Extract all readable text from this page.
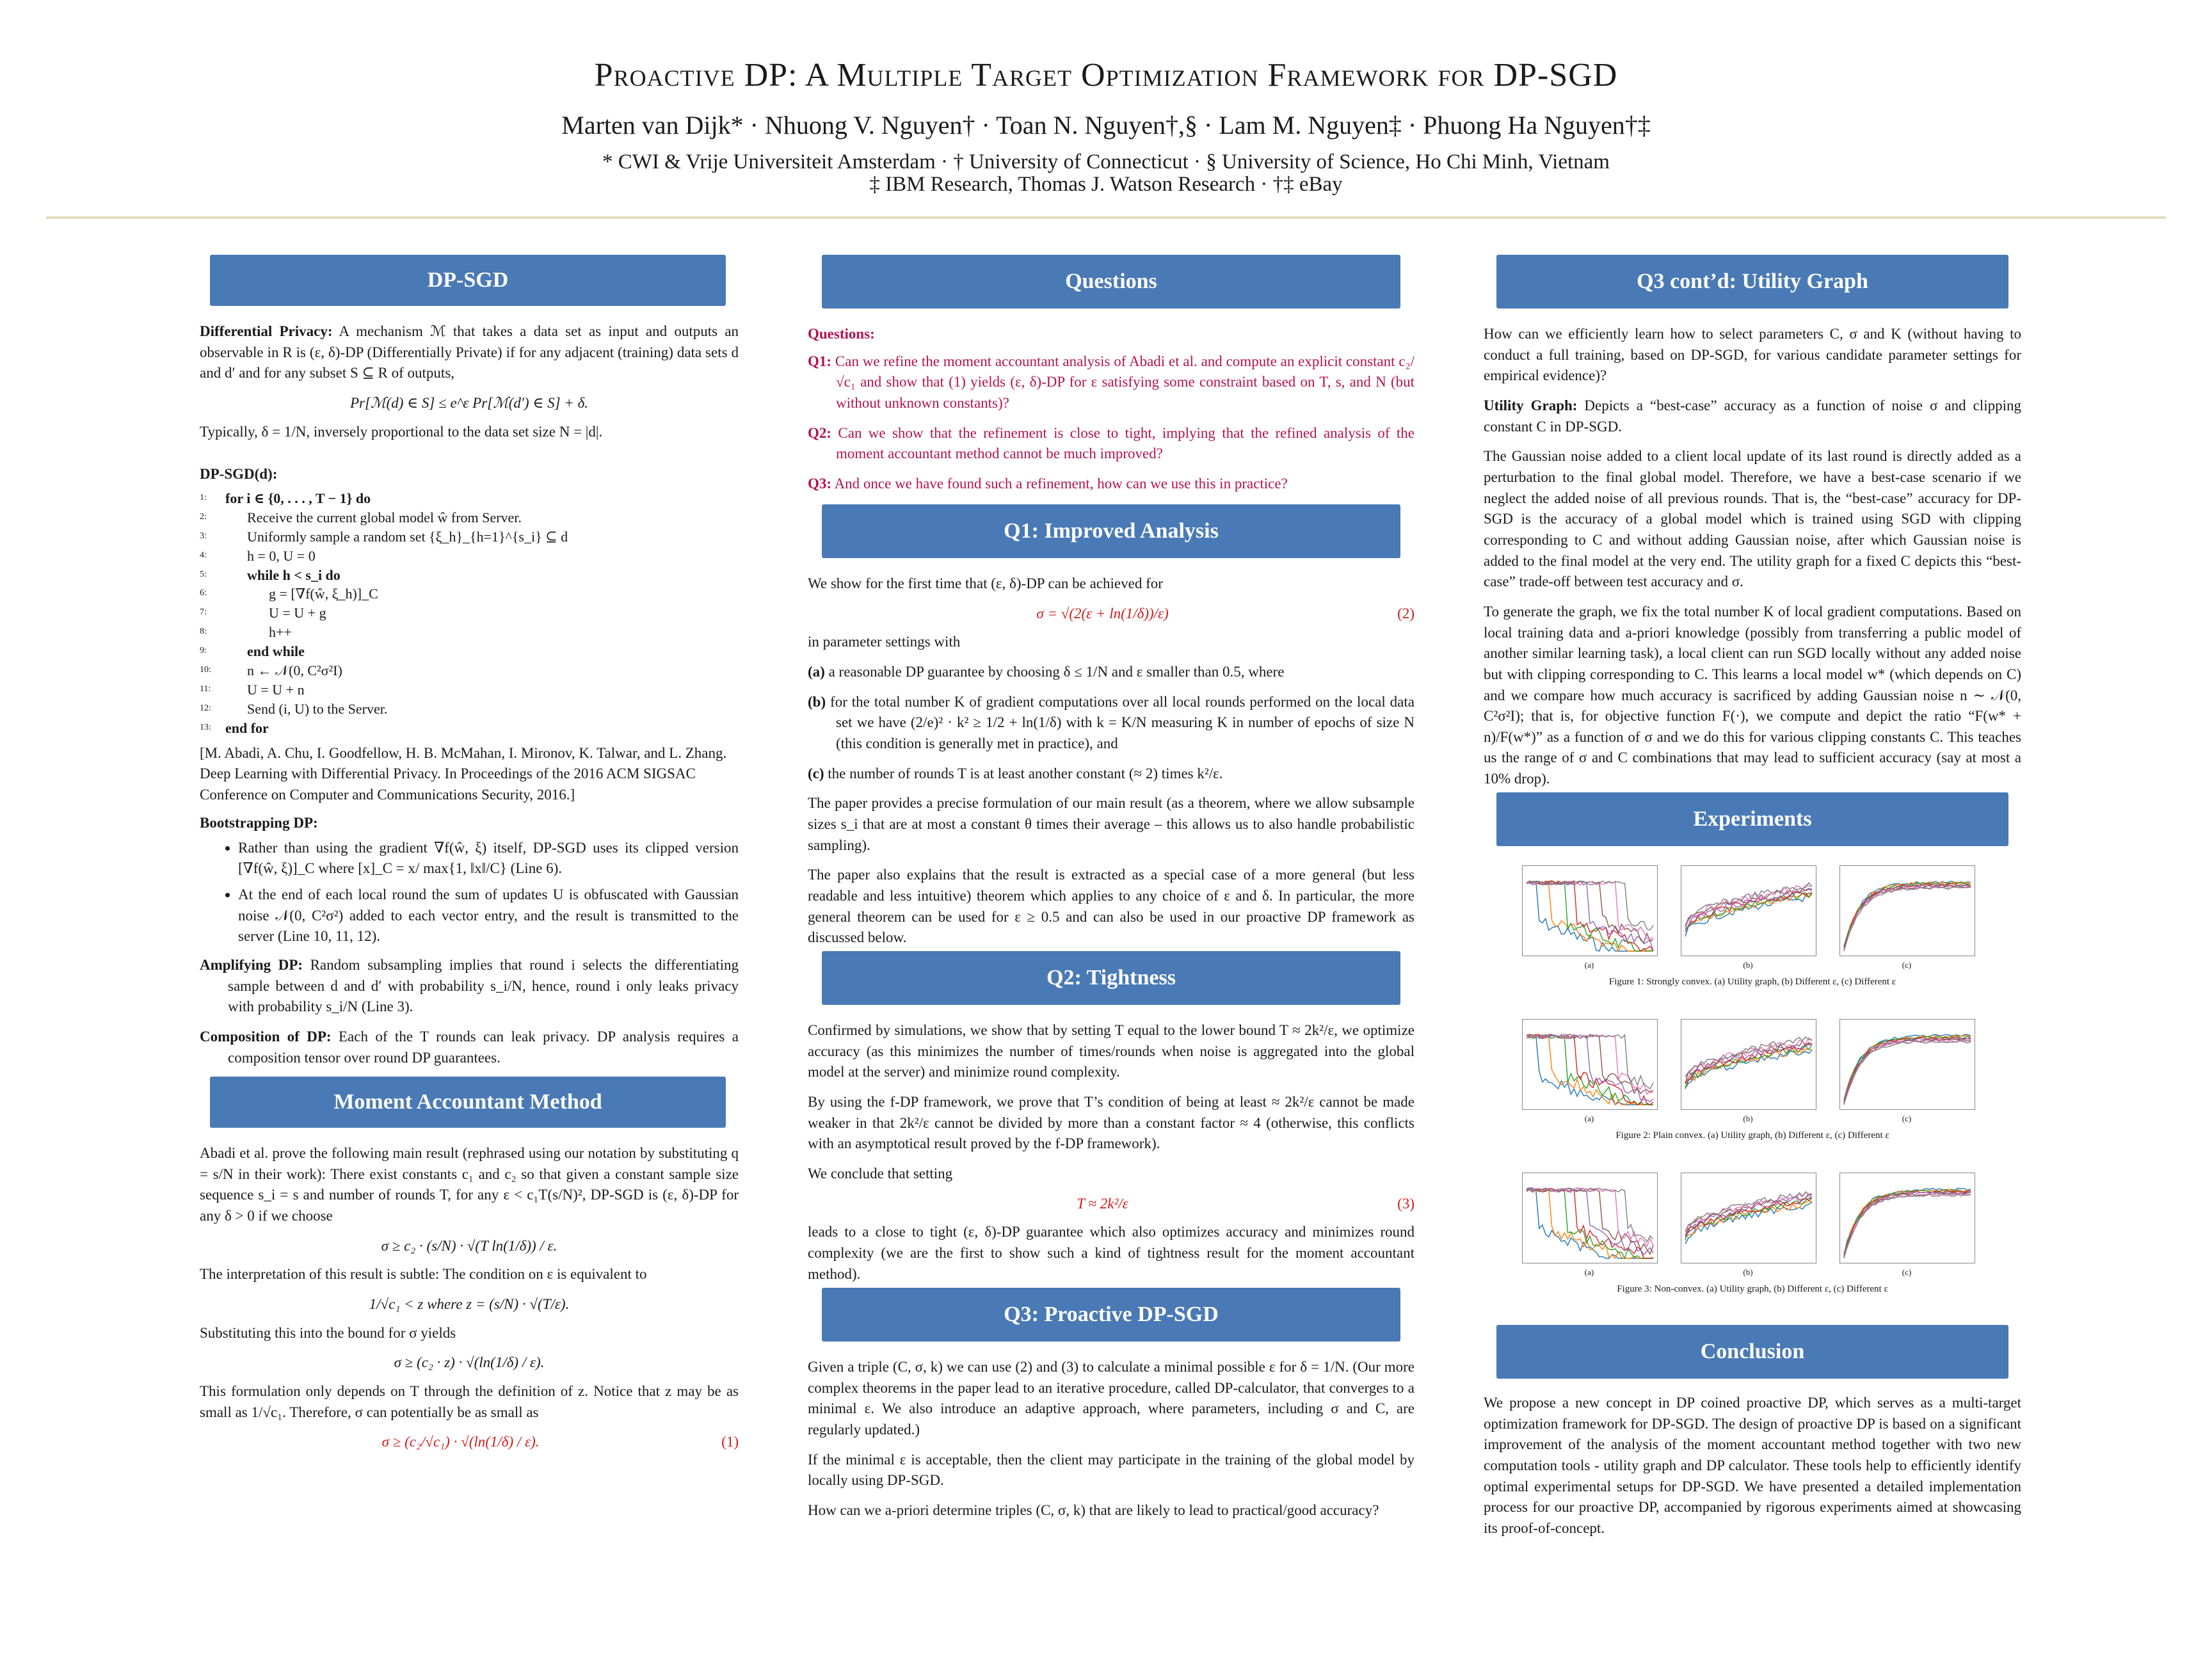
Proactive DP: A Multiple Target Optimization Framework for DP-SGD
Marten van Dijk* · Nhuong V. Nguyen† · Toan N. Nguyen†,§ · Lam M. Nguyen‡ · Phuong Ha Nguyen†‡
* CWI & Vrije Universiteit Amsterdam · † University of Connecticut · § University of Science, Ho Chi Minh, Vietnam
‡ IBM Research, Thomas J. Watson Research · †‡ eBay
DP-SGD

Differential Privacy: A mechanism ℳ that takes a data set as input and outputs an observable in R is (ε, δ)-DP (Differentially Private) if for any adjacent (training) data sets d and d′ and for any subset S ⊆ R of outputs,

Pr[ℳ(d) ∈ S] ≤ e^ε Pr[ℳ(d′) ∈ S] + δ.

Typically, δ = 1/N, inversely proportional to the data set size N = |d|.

DP-SGD(d):

1: for i ∈ {0, . . . , T − 1} do
2:	Receive the current global model ŵ from Server.
3:	Uniformly sample a random set {ξ_h}_{h=1}^{s_i} ⊆ d
4:	h = 0, U = 0
5:	while h < s_i do
6:	g = [∇f(ŵ, ξ_h)]_C
7:	U = U + g
8:	h++
9:	end while
10:	n ← 𝒩(0, C²σ²I)
11:	U = U + n
12:	Send (i, U) to the Server.
13: end for

[M. Abadi, A. Chu, I. Goodfellow, H. B. McMahan, I. Mironov, K. Talwar, and L. Zhang. Deep Learning with Differential Privacy. In Proceedings of the 2016 ACM SIGSAC Conference on Computer and Communications Security, 2016.]

Bootstrapping DP:

• Rather than using the gradient ∇f(ŵ, ξ) itself, DP-SGD uses its clipped version [∇f(ŵ, ξ)]_C where [x]_C = x/ max{1, ‖x‖/C} (Line 6).
• At the end of each local round the sum of updates U is obfuscated with Gaussian noise 𝒩(0, C²σ²) added to each vector entry, and the result is transmitted to the server (Line 10, 11, 12).

Amplifying DP: Random subsampling implies that round i selects the differentiating sample between d and d′ with probability s_i/N, hence, round i only leaks privacy with probability s_i/N (Line 3).

Composition of DP: Each of the T rounds can leak privacy. DP analysis requires a composition tensor over round DP guarantees.

Moment Accountant Method

Abadi et al. prove the following main result (rephrased using our notation by substituting q = s/N in their work): There exist constants c₁ and c₂ so that given a constant sample size sequence s_i = s and number of rounds T, for any ε < c₁T(s/N)², DP-SGD is (ε, δ)-DP for any δ > 0 if we choose

σ ≥ c₂ · (s/N) · √(T ln(1/δ)) / ε.

The interpretation of this result is subtle: The condition on ε is equivalent to

1/√c₁ < z where z = (s/N) · √(T/ε).

Substituting this into the bound for σ yields

σ ≥ (c₂ · z) · √(ln(1/δ) / ε).

This formulation only depends on T through the definition of z. Notice that z may be as small as 1/√c₁. Therefore, σ can potentially be as small as

σ ≥ (c₂/√c₁) · √(ln(1/δ) / ε).	(1)
Questions

Questions:

Q1: Can we refine the moment accountant analysis of Abadi et al. and compute an explicit constant c₂/√c₁ and show that (1) yields (ε, δ)-DP for ε satisfying some constraint based on T, s, and N (but without unknown constants)?

Q2: Can we show that the refinement is close to tight, implying that the refined analysis of the moment accountant method cannot be much improved?

Q3: And once we have found such a refinement, how can we use this in practice?

Q1: Improved Analysis

We show for the first time that (ε, δ)-DP can be achieved for

σ = √(2(ε + ln(1/δ))/ε)	(2)

in parameter settings with

(a) a reasonable DP guarantee by choosing δ ≤ 1/N and ε smaller than 0.5, where

(b) for the total number K of gradient computations over all local rounds performed on the local data set we have (2/e)² · k² ≥ 1/2 + ln(1/δ) with k = K/N measuring K in number of epochs of size N (this condition is generally met in practice), and

(c) the number of rounds T is at least another constant (≈ 2) times k²/ε.

The paper provides a precise formulation of our main result (as a theorem, where we allow subsample sizes s_i that are at most a constant θ times their average – this allows us to also handle probabilistic sampling).

The paper also explains that the result is extracted as a special case of a more general (but less readable and less intuitive) theorem which applies to any choice of ε and δ. In particular, the more general theorem can be used for ε ≥ 0.5 and can also be used in our proactive DP framework as discussed below.

Q2: Tightness

Confirmed by simulations, we show that by setting T equal to the lower bound T ≈ 2k²/ε, we optimize accuracy (as this minimizes the number of times/rounds when noise is aggregated into the global model at the server) and minimize round complexity.

By using the f-DP framework, we prove that T’s condition of being at least ≈ 2k²/ε cannot be made weaker in that 2k²/ε cannot be divided by more than a constant factor ≈ 4 (otherwise, this conflicts with an asymptotical result proved by the f-DP framework).

We conclude that setting

T ≈ 2k²/ε	(3)

leads to a close to tight (ε, δ)-DP guarantee which also optimizes accuracy and minimizes round complexity (we are the first to show such a kind of tightness result for the moment accountant method).

Q3: Proactive DP-SGD

Given a triple (C, σ, k) we can use (2) and (3) to calculate a minimal possible ε for δ = 1/N. (Our more complex theorems in the paper lead to an iterative procedure, called DP-calculator, that converges to a minimal ε. We also introduce an adaptive approach, where parameters, including σ and C, are regularly updated.)

If the minimal ε is acceptable, then the client may participate in the training of the global model by locally using DP-SGD.

How can we a-priori determine triples (C, σ, k) that are likely to lead to practical/good accuracy?

Q3 cont’d: Utility Graph

How can we efficiently learn how to select parameters C, σ and K (without having to conduct a full training, based on DP-SGD, for various candidate parameter settings for empirical evidence)?

Utility Graph: Depicts a “best-case” accuracy as a function of noise σ and clipping constant C in DP-SGD.

The Gaussian noise added to a client local update of its last round is directly added as a perturbation to the final global model. Therefore, we have a best-case scenario if we neglect the added noise of all previous rounds. That is, the “best-case” accuracy for DP-SGD is the accuracy of a global model which is trained using SGD with clipping corresponding to C and without adding Gaussian noise, after which Gaussian noise is added to the final model at the very end. The utility graph for a fixed C depicts this “best-case” trade-off between test accuracy and σ.

To generate the graph, we fix the total number K of local gradient computations. Based on local training data and a-priori knowledge (possibly from transferring a public model of another similar learning task), a local client can run SGD locally without any added noise but with clipping corresponding to C. This learns a local model w* (which depends on C) and we compare how much accuracy is sacrificed by adding Gaussian noise n ∼ 𝒩(0, C²σ²I); that is, for objective function F(·), we compute and depict the ratio “F(w* + n)/F(w*)” as a function of σ and we do this for various clipping constants C. This teaches us the range of σ and C combinations that may lead to sufficient accuracy (say at most a 10% drop).

Experiments
(a)	(b)	(c)
Figure 1: Strongly convex. (a) Utility graph, (b) Different ε, (c) Different ε
(a)	(b)	(c)
Figure 2: Plain convex. (a) Utility graph, (b) Different ε, (c) Different ε
(a)	(b)	(c)
Figure 3: Non-convex. (a) Utility graph, (b) Different ε, (c) Different ε
Conclusion

We propose a new concept in DP coined proactive DP, which serves as a multi-target optimization framework for DP-SGD. The design of proactive DP is based on a significant improvement of the analysis of the moment accountant method together with two new computation tools - utility graph and DP calculator. These tools help to efficiently identify optimal experimental setups for DP-SGD. We have presented a detailed implementation process for our proactive DP, accompanied by rigorous experiments aimed at showcasing its proof-of-concept.
